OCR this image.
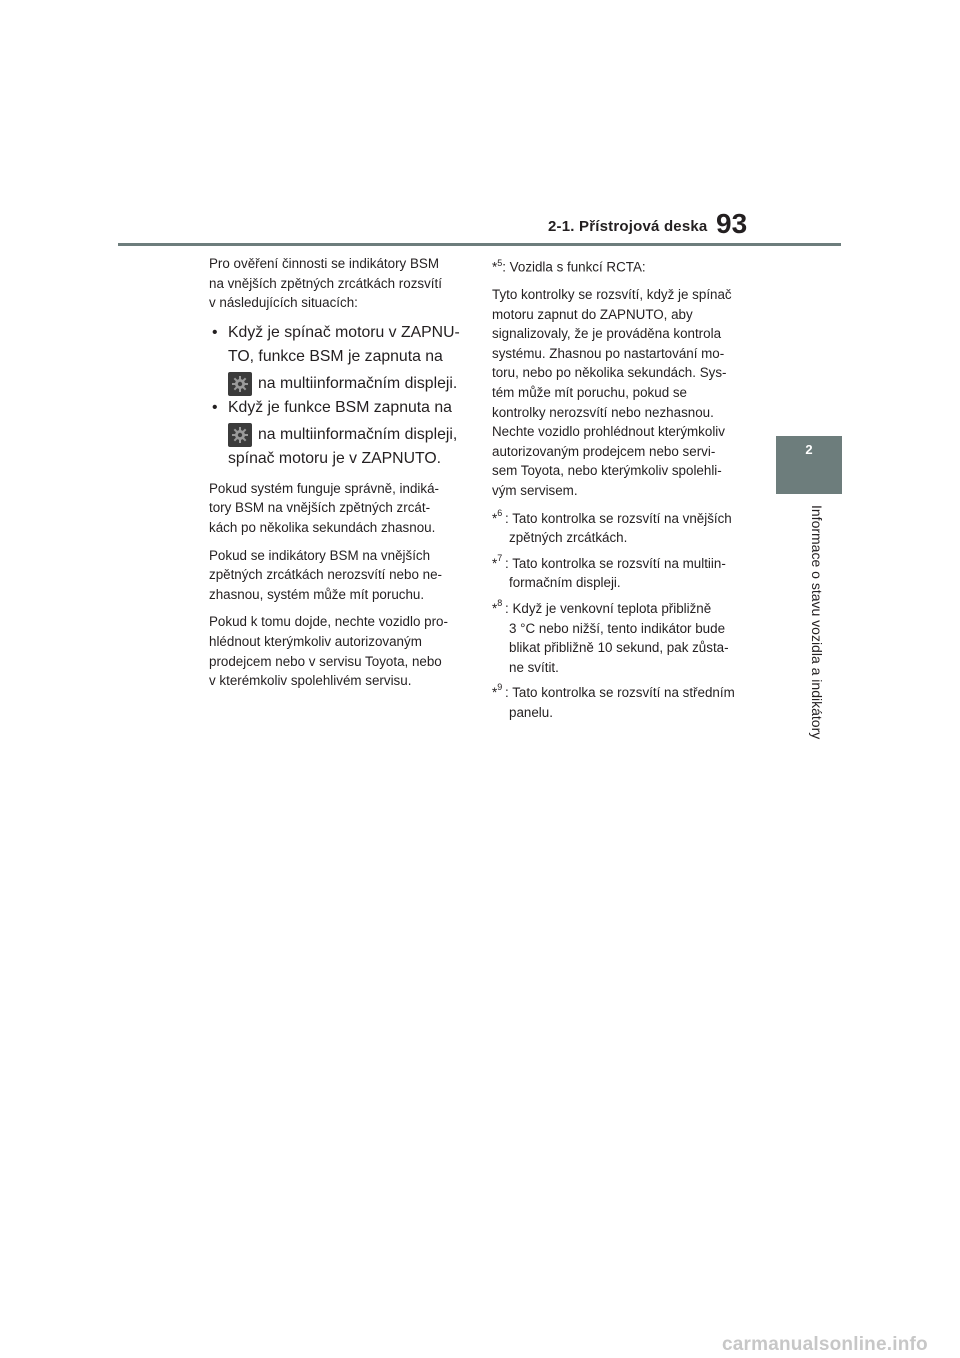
2-1. Přístrojová deska 93
2
Informace o stavu vozidla a indikátory
Pro ověření činnosti se indikátory BSM
na vnějších zpětných zrcátkách rozsvítí
v následujících situacích:
• Když je spínač motoru v ZAPNU-
TO, funkce BSM je zapnuta na
na multiinformačním displeji.
• Když je funkce BSM zapnuta na
na multiinformačním displeji,
spínač motoru je v ZAPNUTO.
Pokud systém funguje správně, indiká-
tory BSM na vnějších zpětných zrcát-
kách po několika sekundách zhasnou.
Pokud se indikátory BSM na vnějších
zpětných zrcátkách nerozsvítí nebo ne-
zhasnou, systém může mít poruchu.
Pokud k tomu dojde, nechte vozidlo pro-
hlédnout kterýmkoliv autorizovaným
prodejcem nebo v servisu Toyota, nebo
v kterémkoliv spolehlivém servisu.

*$^5$: Vozidla s funkcí RCTA:

Tyto kontrolky se rozsvítí, když je spínač
motoru zapnut do ZAPNUTO, aby
signalizovaly, že je prováděna kontrola
systému. Zhasnou po nastartování mo-
toru, nebo po několika sekundách. Sys-
tém může mít poruchu, pokud se
kontrolky nerozsvítí nebo nezhasnou.
Nechte vozidlo prohlédnout kterýmkoliv
autorizovaným prodejcem nebo servi-
sem Toyota, nebo kterýmkoliv spolehli-
vým servisem.
*$^6$ : Tato kontrolka se rozsvítí na vnějších
zpětných zrcátkách.
*$^7$ : Tato kontrolka se rozsvítí na multiin-
formačním displeji.
*$^8$ : Když je venkovní teplota přibližně
3 °C nebo nižší, tento indikátor bude
blikat přibližně 10 sekund, pak zůsta-
ne svítit.
*$^9$ : Tato kontrolka se rozsvítí na středním
panelu.
carmanualsonline.info
